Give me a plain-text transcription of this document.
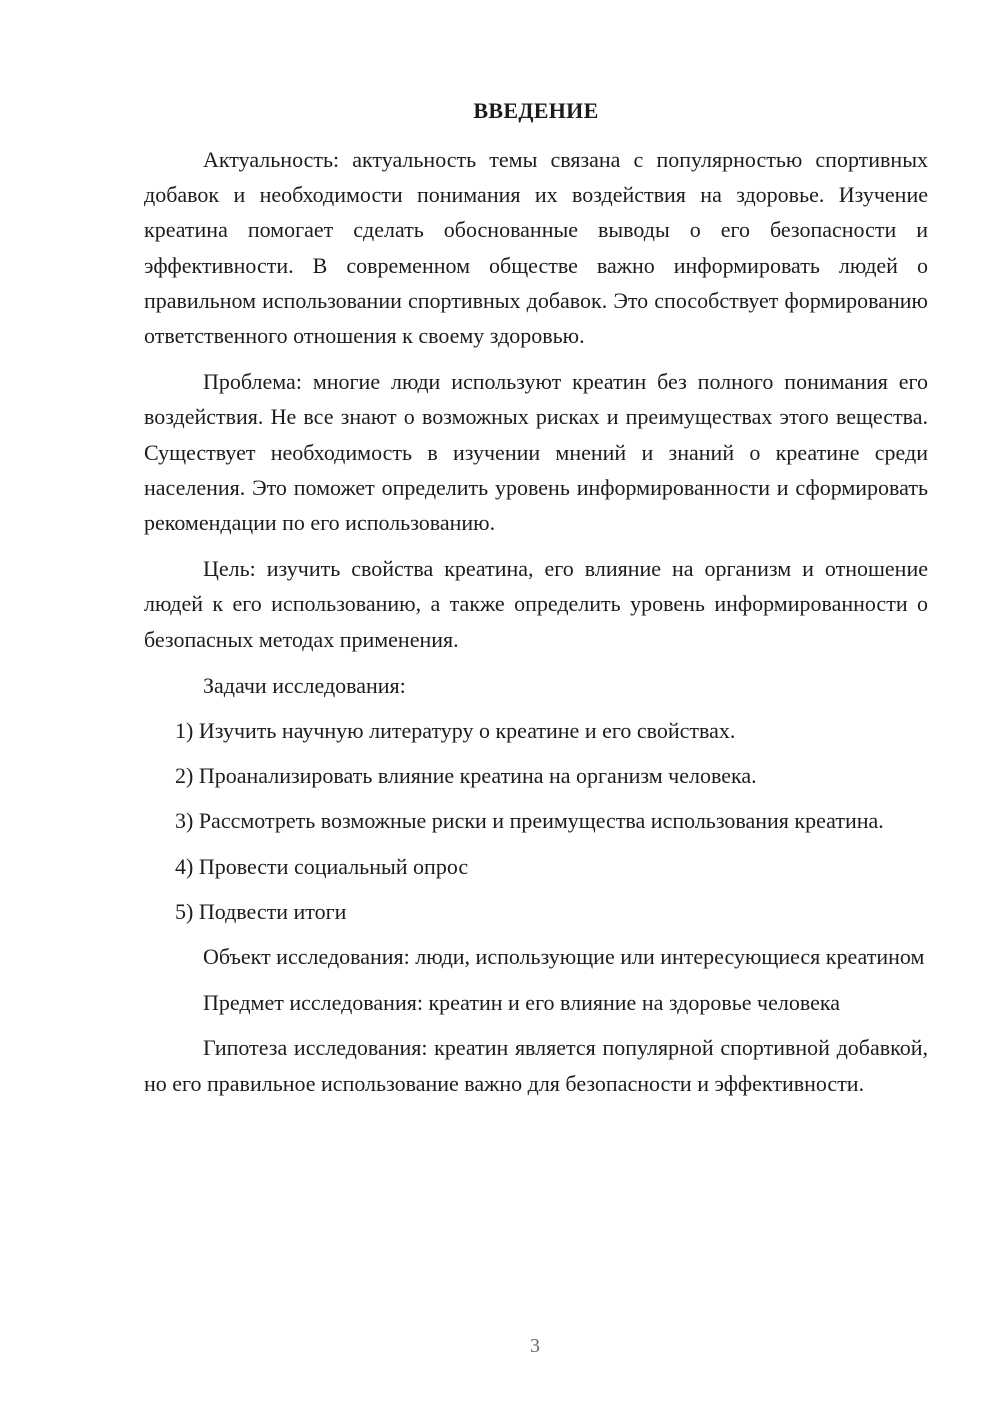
ВВЕДЕНИЕ

Актуальность: актуальность темы связана с популярностью спортивных добавок и необходимости понимания их воздействия на здоровье. Изучение креатина помогает сделать обоснованные выводы о его безопасности и эффективности. В современном обществе важно информировать людей о правильном использовании спортивных добавок. Это способствует формированию ответственного отношения к своему здоровью.

Проблема: многие люди используют креатин без полного понимания его воздействия. Не все знают о возможных рисках и преимуществах этого вещества. Существует необходимость в изучении мнений и знаний о креатине среди населения. Это поможет определить уровень информированности и сформировать рекомендации по его использованию.

Цель: изучить свойства креатина, его влияние на организм и отношение людей к его использованию, а также определить уровень информированности о безопасных методах применения.

Задачи исследования:

1) Изучить научную литературу о креатине и его свойствах.

2) Проанализировать влияние креатина на организм человека.

3) Рассмотреть возможные риски и преимущества использования креатина.

4) Провести социальный опрос

5) Подвести итоги

Объект исследования: люди, использующие или интересующиеся креатином

Предмет исследования: креатин и его влияние на здоровье человека

Гипотеза исследования: креатин является популярной спортивной добавкой, но его правильное использование важно для безопасности и эффективности.

3
